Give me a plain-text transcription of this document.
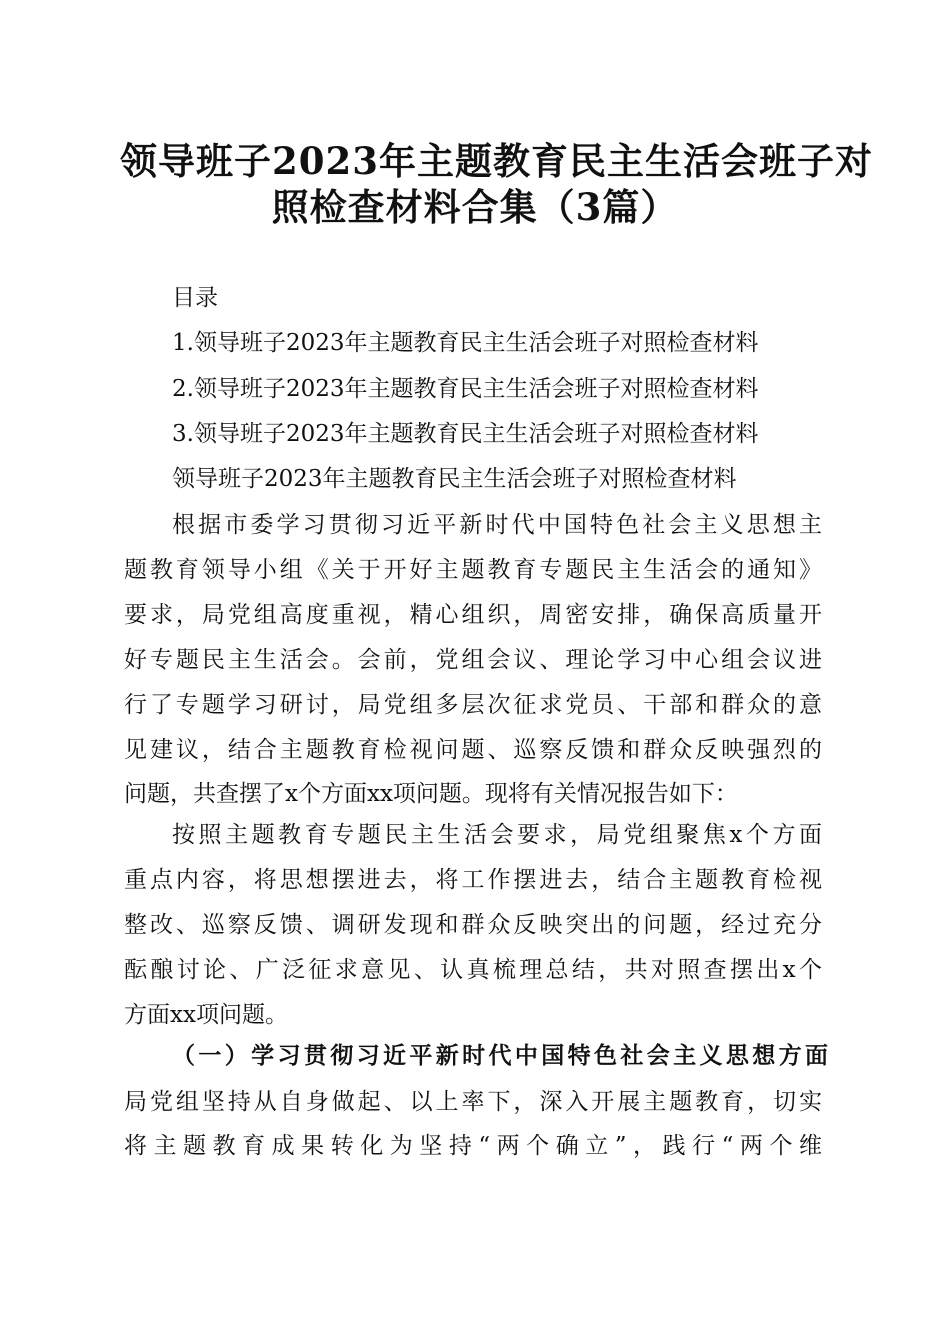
领导班子2023年主题教育民主生活会班子对
照检查材料合集（3篇）
目录
1.领导班子2023年主题教育民主生活会班子对照检查材料
2.领导班子2023年主题教育民主生活会班子对照检查材料
3.领导班子2023年主题教育民主生活会班子对照检查材料
领导班子2023年主题教育民主生活会班子对照检查材料
根据市委学习贯彻习近平新时代中国特色社会主义思想主
题教育领导小组《关于开好主题教育专题民主生活会的通知》
要求，局党组高度重视，精心组织，周密安排，确保高质量开
好专题民主生活会。会前，党组会议、理论学习中心组会议进
行了专题学习研讨，局党组多层次征求党员、干部和群众的意
见建议，结合主题教育检视问题、巡察反馈和群众反映强烈的
问题，共查摆了x个方面xx项问题。现将有关情况报告如下：
按照主题教育专题民主生活会要求，局党组聚焦x个方面
重点内容，将思想摆进去，将工作摆进去，结合主题教育检视
整改、巡察反馈、调研发现和群众反映突出的问题，经过充分
酝酿讨论、广泛征求意见、认真梳理总结，共对照查摆出x个
方面xx项问题。
（一）学习贯彻习近平新时代中国特色社会主义思想方面
局党组坚持从自身做起、以上率下，深入开展主题教育，切实
将主题教育成果转化为坚持“两个确立”，践行“两个维
